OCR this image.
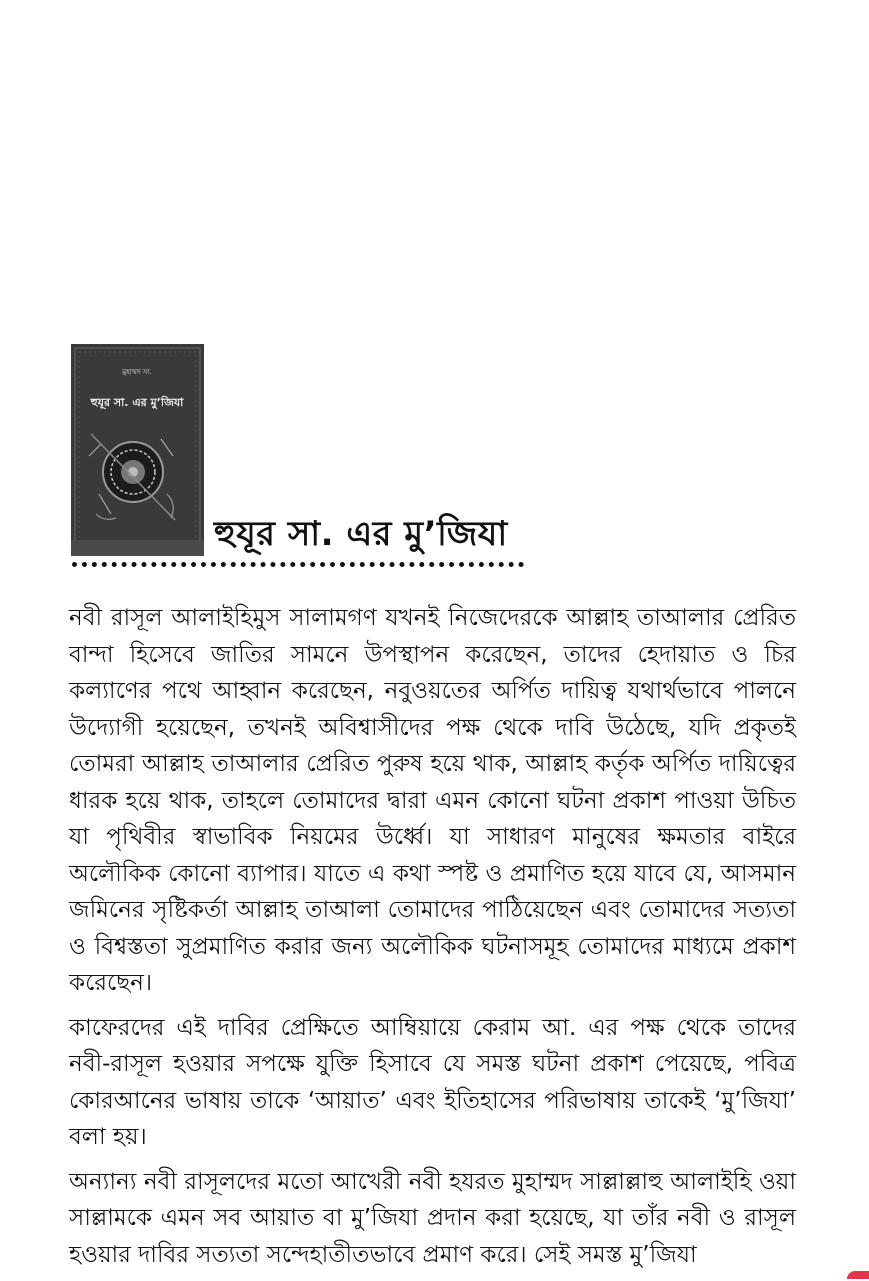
মুহাম্মদ সা.
হুযূর সা. এর মু’জিযা
হুযূর সা. এর মু’জিযা

নবী রাসূল আলাইহিমুস সালামগণ যখনই নিজেদেরকে আল্লাহ তাআলার প্রেরিত বান্দা হিসেবে জাতির সামনে উপস্থাপন করেছেন, তাদের হেদায়াত ও চির কল্যাণের পথে আহ্বান করেছেন, নবুওয়তের অর্পিত দায়িত্ব যথার্থভাবে পালনে উদ্যোগী হয়েছেন, তখনই অবিশ্বাসীদের পক্ষ থেকে দাবি উঠেছে, যদি প্রকৃতই তোমরা আল্লাহ তাআলার প্রেরিত পুরুষ হয়ে থাক, আল্লাহ কর্তৃক অর্পিত দায়িত্বের ধারক হয়ে থাক, তাহলে তোমাদের দ্বারা এমন কোনো ঘটনা প্রকাশ পাওয়া উচিত যা পৃথিবীর স্বাভাবিক নিয়মের উর্ধ্বে। যা সাধারণ মানুষের ক্ষমতার বাইরে অলৌকিক কোনো ব্যাপার। যাতে এ কথা স্পষ্ট ও প্রমাণিত হয়ে যাবে যে, আসমান জমিনের সৃষ্টিকর্তা আল্লাহ তাআলা তোমাদের পাঠিয়েছেন এবং তোমাদের সত্যতা ও বিশ্বস্ততা সুপ্রমাণিত করার জন্য অলৌকিক ঘটনাসমূহ তোমাদের মাধ্যমে প্রকাশ করেছেন।

কাফেরদের এই দাবির প্রেক্ষিতে আম্বিয়ায়ে কেরাম আ. এর পক্ষ থেকে তাদের নবী-রাসূল হওয়ার সপক্ষে যুক্তি হিসাবে যে সমস্ত ঘটনা প্রকাশ পেয়েছে, পবিত্র কোরআনের ভাষায় তাকে ‘আয়াত’ এবং ইতিহাসের পরিভাষায় তাকেই ‘মু’জিযা’ বলা হয়।

অন্যান্য নবী রাসূলদের মতো আখেরী নবী হযরত মুহাম্মদ সাল্লাল্লাহু আলাইহি ওয়া সাল্লামকে এমন সব আয়াত বা মু’জিযা প্রদান করা হয়েছে, যা তাঁর নবী ও রাসূল হওয়ার দাবির সত্যতা সন্দেহাতীতভাবে প্রমাণ করে। সেই সমস্ত মু’জিযা
